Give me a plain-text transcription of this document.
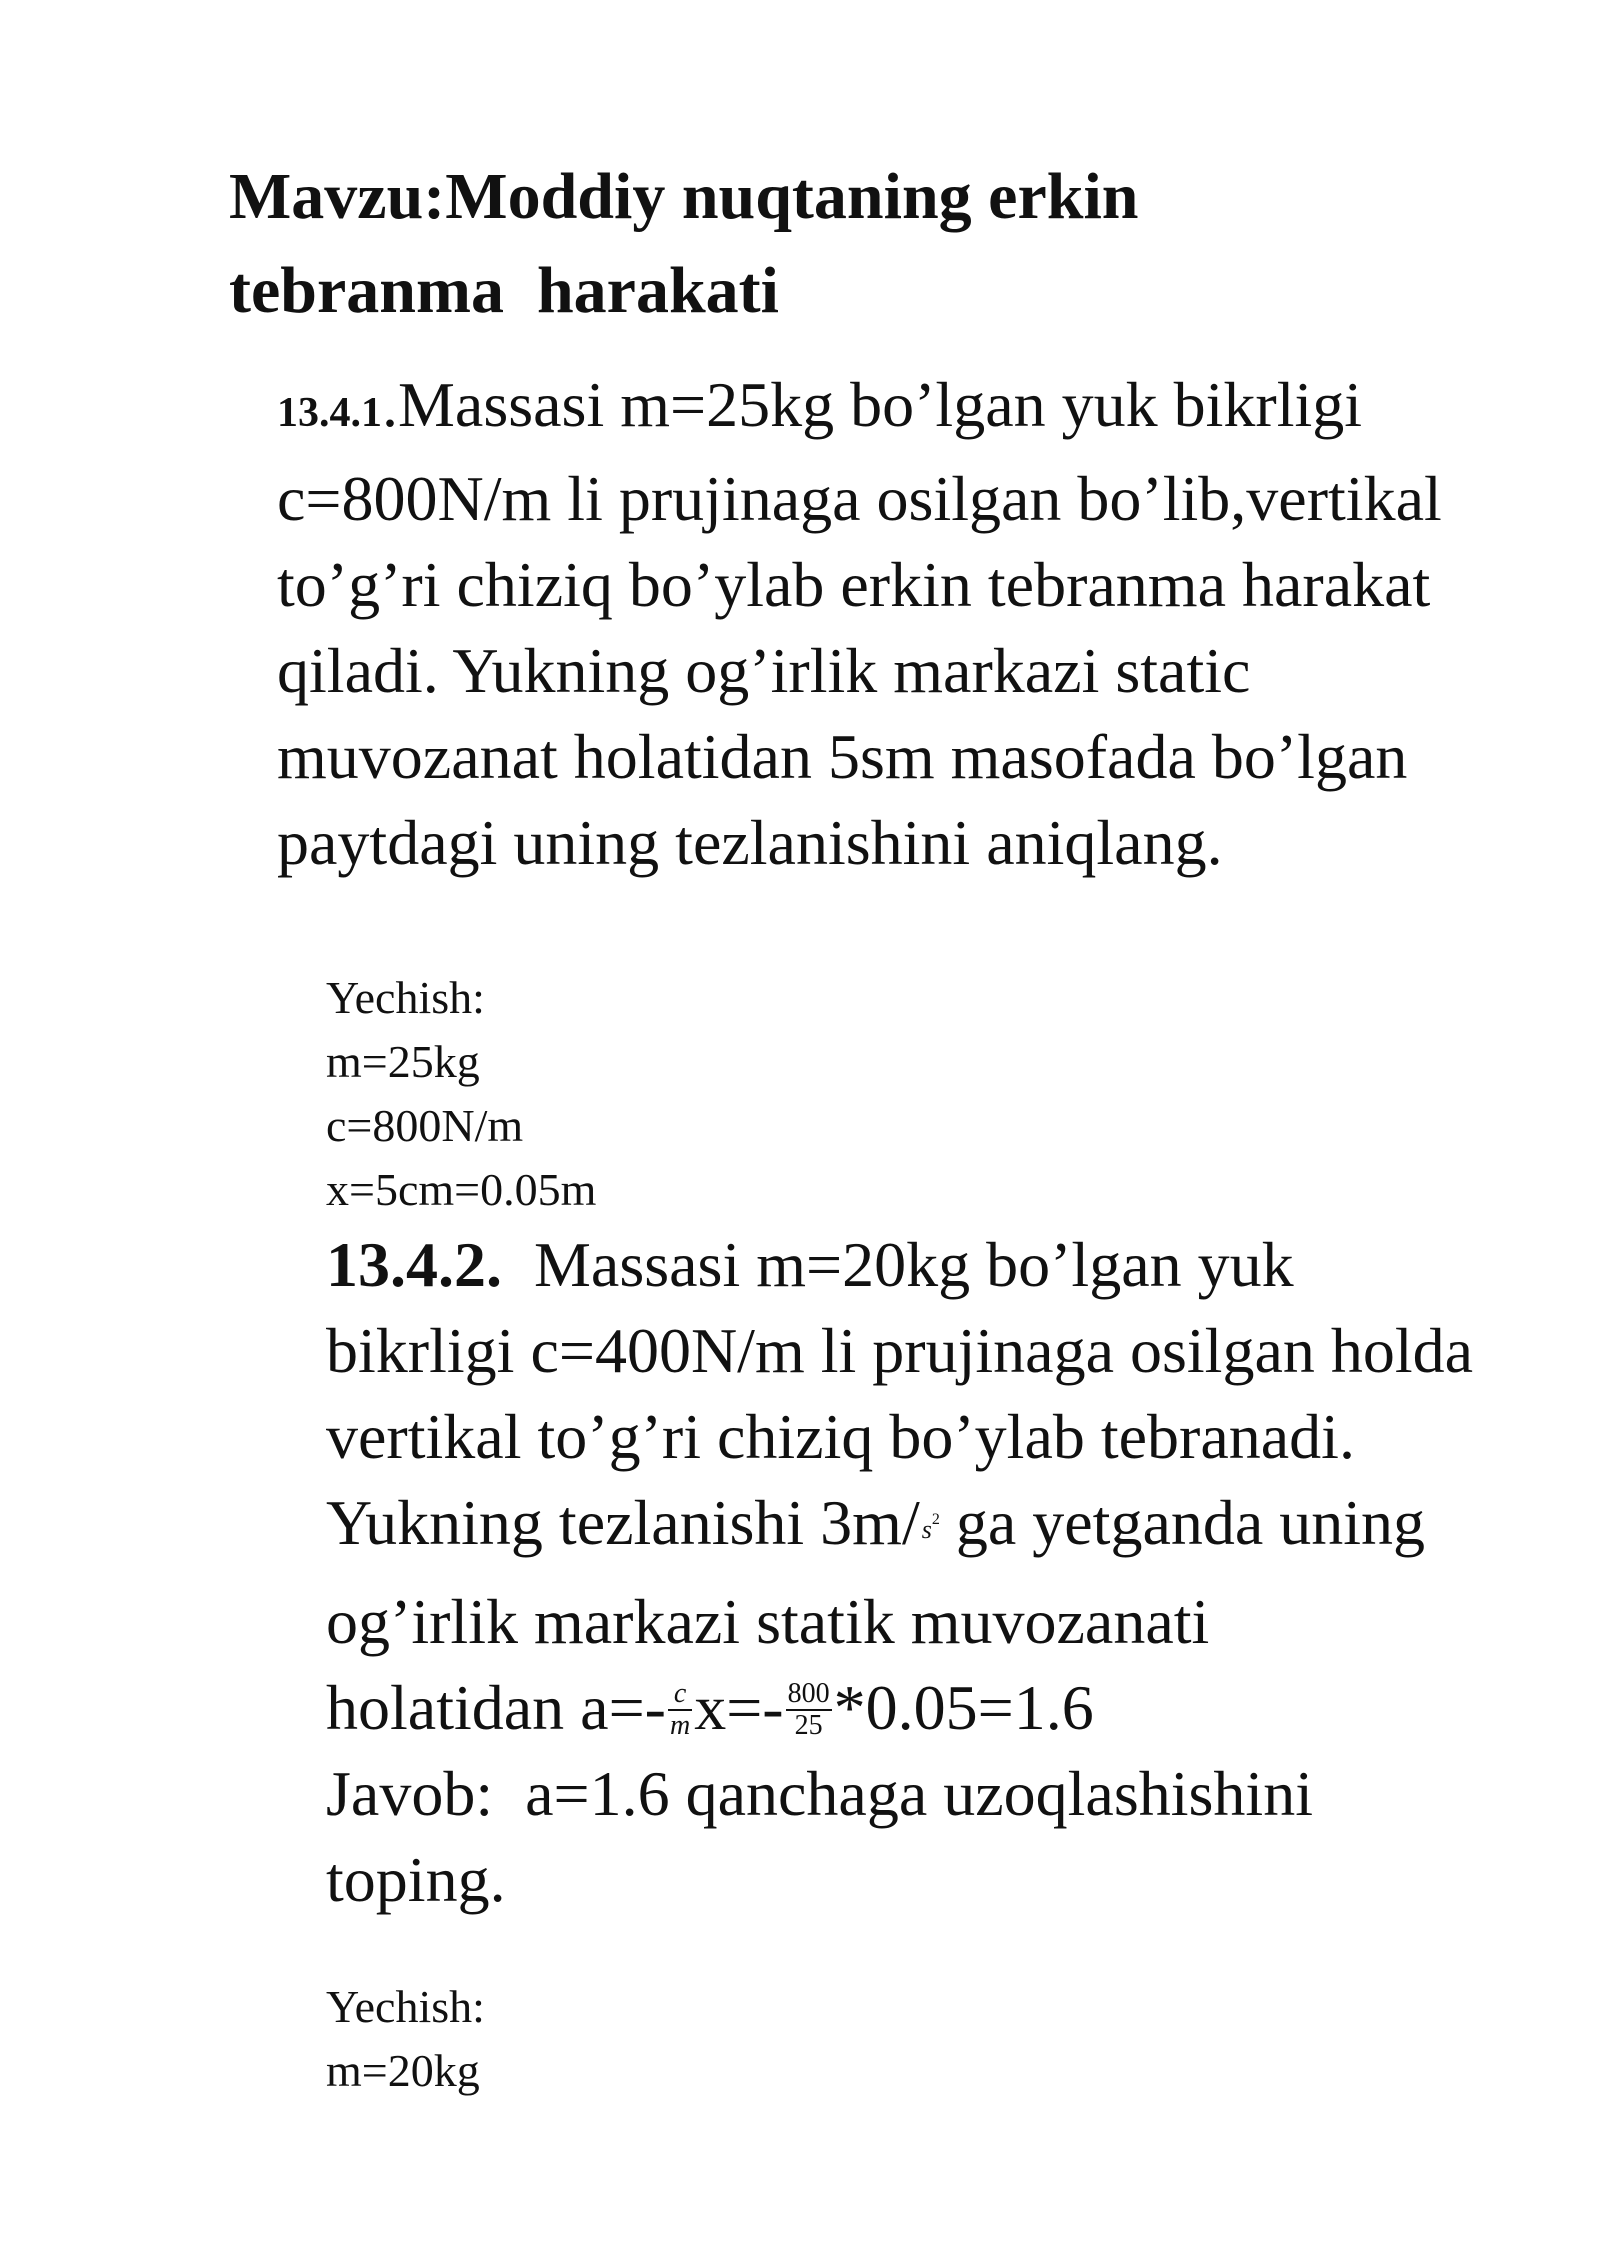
Mavzu:Moddiy nuqtaning erkin
tebranma  harakati
13.4.1.Massasi m=25kg bo’lgan yuk bikrligi
c=800N/m li prujinaga osilgan bo’lib,vertikal
to’g’ri chiziq bo’ylab erkin tebranma harakat
qiladi. Yukning og’irlik markazi static
muvozanat holatidan 5sm masofada bo’lgan
paytdagi uning tezlanishini aniqlang.
Yechish:
m=25kg
c=800N/m
x=5cm=0.05m
13.4.2.  Massasi m=20kg bo’lgan yuk
bikrligi c=400N/m li prujinaga osilgan holda
vertikal to’g’ri chiziq bo’ylab tebranadi.
Yukning tezlanishi $3m/s^2$ ga yetganda uning
og’irlik markazi statik muvozanati
holatidan $a=- \frac{c}{m} x=- \frac{800}{25} *0.05=1.6$
Javob:  a=1.6 qanchaga uzoqlashishini
toping.
Yechish:
m=20kg
